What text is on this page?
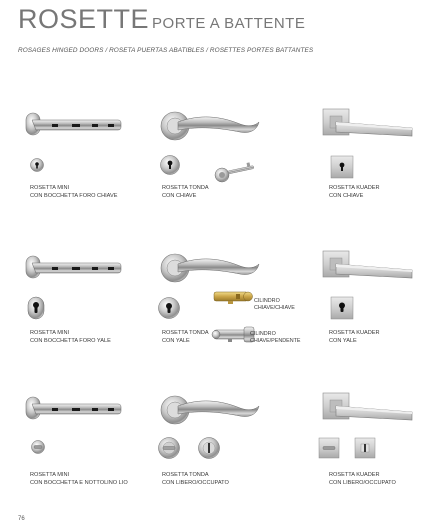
ROSETTE PORTE A BATTENTE
ROSAGES HINGED DOORS / ROSETA PUERTAS ABATIBLES / ROSETTES PORTES BATTANTES
ROSETTA MINI
CON BOCCHETTA FORO CHIAVE
ROSETTA TONDA
CON CHIAVE
ROSETTA KUADER
CON CHIAVE
ROSETTA MINI
CON BOCCHETTA FORO YALE
CILINDRO
CHIAVE/CHIAVE
CILINDRO
CHIAVE/PENDENTE
ROSETTA TONDA
CON YALE
ROSETTA KUADER
CON YALE
ROSETTA MINI
CON BOCCHETTA E NOTTOLINO LIO
ROSETTA TONDA
CON LIBERO/OCCUPATO
ROSETTA KUADER
CON LIBERO/OCCUPATO
76
